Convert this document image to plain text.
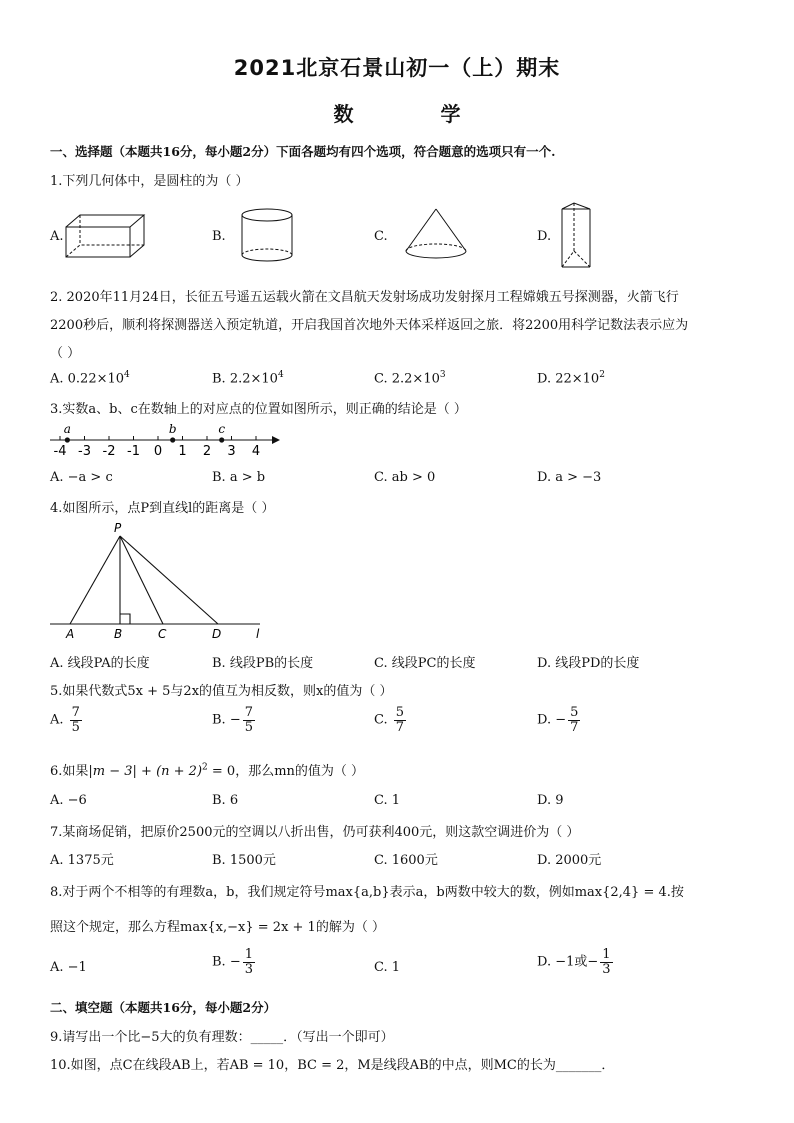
2021北京石景山初一（上）期末
数 学
一、选择题（本题共16分，每小题2分）下面各题均有四个选项，符合题意的选项只有一个.
1.下列几何体中，是圆柱的为（ ）
A.	B.	C.	D.
2. 2020年11月24日，长征五号遥五运载火箭在文昌航天发射场成功发射探月工程嫦娥五号探测器，火箭飞行
2200秒后，顺利将探测器送入预定轨道，开启我国首次地外天体采样返回之旅．将2200用科学记数法表示应为
（ ）
A. $0.22\times 10^4$	B. $2.2\times 10^4$	C. $2.2\times 10^3$	D. $22\times 10^2$
3.实数a、b、c在数轴上的对应点的位置如图所示，则正确的结论是（ ）
-4 -3 -2 -1 0 1 2 3 4
a	b	c
A. −a > c	B. a > b	C. ab > 0	D. a > −3
4.如图所示，点P到直线l的距离是（ ）
P
A	B	C	D	l
A. 线段PA的长度	B. 线段PB的长度	C. 线段PC的长度	D. 线段PD的长度
5.如果代数式5x + 5与2x的值互为相反数，则x的值为（ ）
A. $\frac{7}{5}$	B. − $\frac{7}{5}$	C. $\frac{5}{7}$	D. − $\frac{5}{7}$
6.如果$|m - 3| + (n + 2)^2 = 0$，那么mn的值为（ ）
A. −6	B. 6	C. 1	D. 9
7.某商场促销，把原价2500元的空调以八折出售，仍可获利400元，则这款空调进价为（ ）
A. 1375元	B. 1500元	C. 1600元	D. 2000元
8.对于两个不相等的有理数a，b，我们规定符号max{a,b}表示a，b两数中较大的数，例如max{2,4} = 4.按
照这个规定，那么方程max{x,−x} = 2x + 1的解为（ ）
A. −1	B. − $\frac{1}{3}$	C. 1	D. −1或− $\frac{1}{3}$
二、填空题（本题共16分，每小题2分）
9.请写出一个比−5大的负有理数：_____．（写出一个即可）
10.如图，点C在线段AB上，若AB = 10，BC = 2，M是线段AB的中点，则MC的长为_______．
